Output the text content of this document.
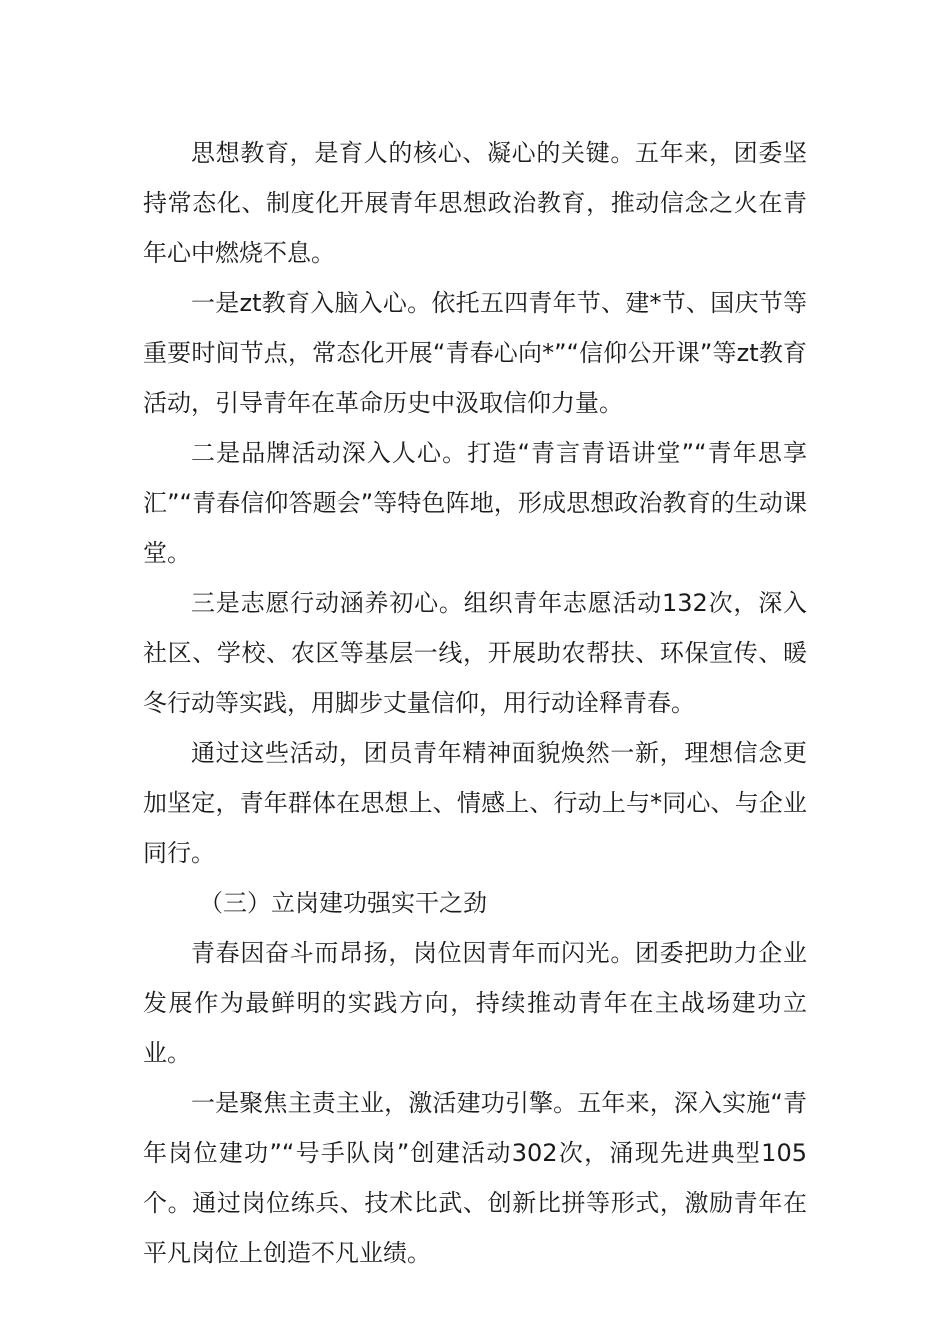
思想教育，是育人的核心、凝心的关键。五年来，团委坚持常态化、制度化开展青年思想政治教育，推动信念之火在青年心中燃烧不息。

一是zt教育入脑入心。依托五四青年节、建*节、国庆节等重要时间节点，常态化开展“青春心向*”“信仰公开课”等zt教育活动，引导青年在革命历史中汲取信仰力量。

二是品牌活动深入人心。打造“青言青语讲堂”“青年思享汇”“青春信仰答题会”等特色阵地，形成思想政治教育的生动课堂。

三是志愿行动涵养初心。组织青年志愿活动132次，深入社区、学校、农区等基层一线，开展助农帮扶、环保宣传、暖冬行动等实践，用脚步丈量信仰，用行动诠释青春。

通过这些活动，团员青年精神面貌焕然一新，理想信念更加坚定，青年群体在思想上、情感上、行动上与*同心、与企业同行。

（三）立岗建功强实干之劲

青春因奋斗而昂扬，岗位因青年而闪光。团委把助力企业发展作为最鲜明的实践方向，持续推动青年在主战场建功立业。

一是聚焦主责主业，激活建功引擎。五年来，深入实施“青年岗位建功”“号手队岗”创建活动302次，涌现先进典型105个。通过岗位练兵、技术比武、创新比拼等形式，激励青年在平凡岗位上创造不凡业绩。
